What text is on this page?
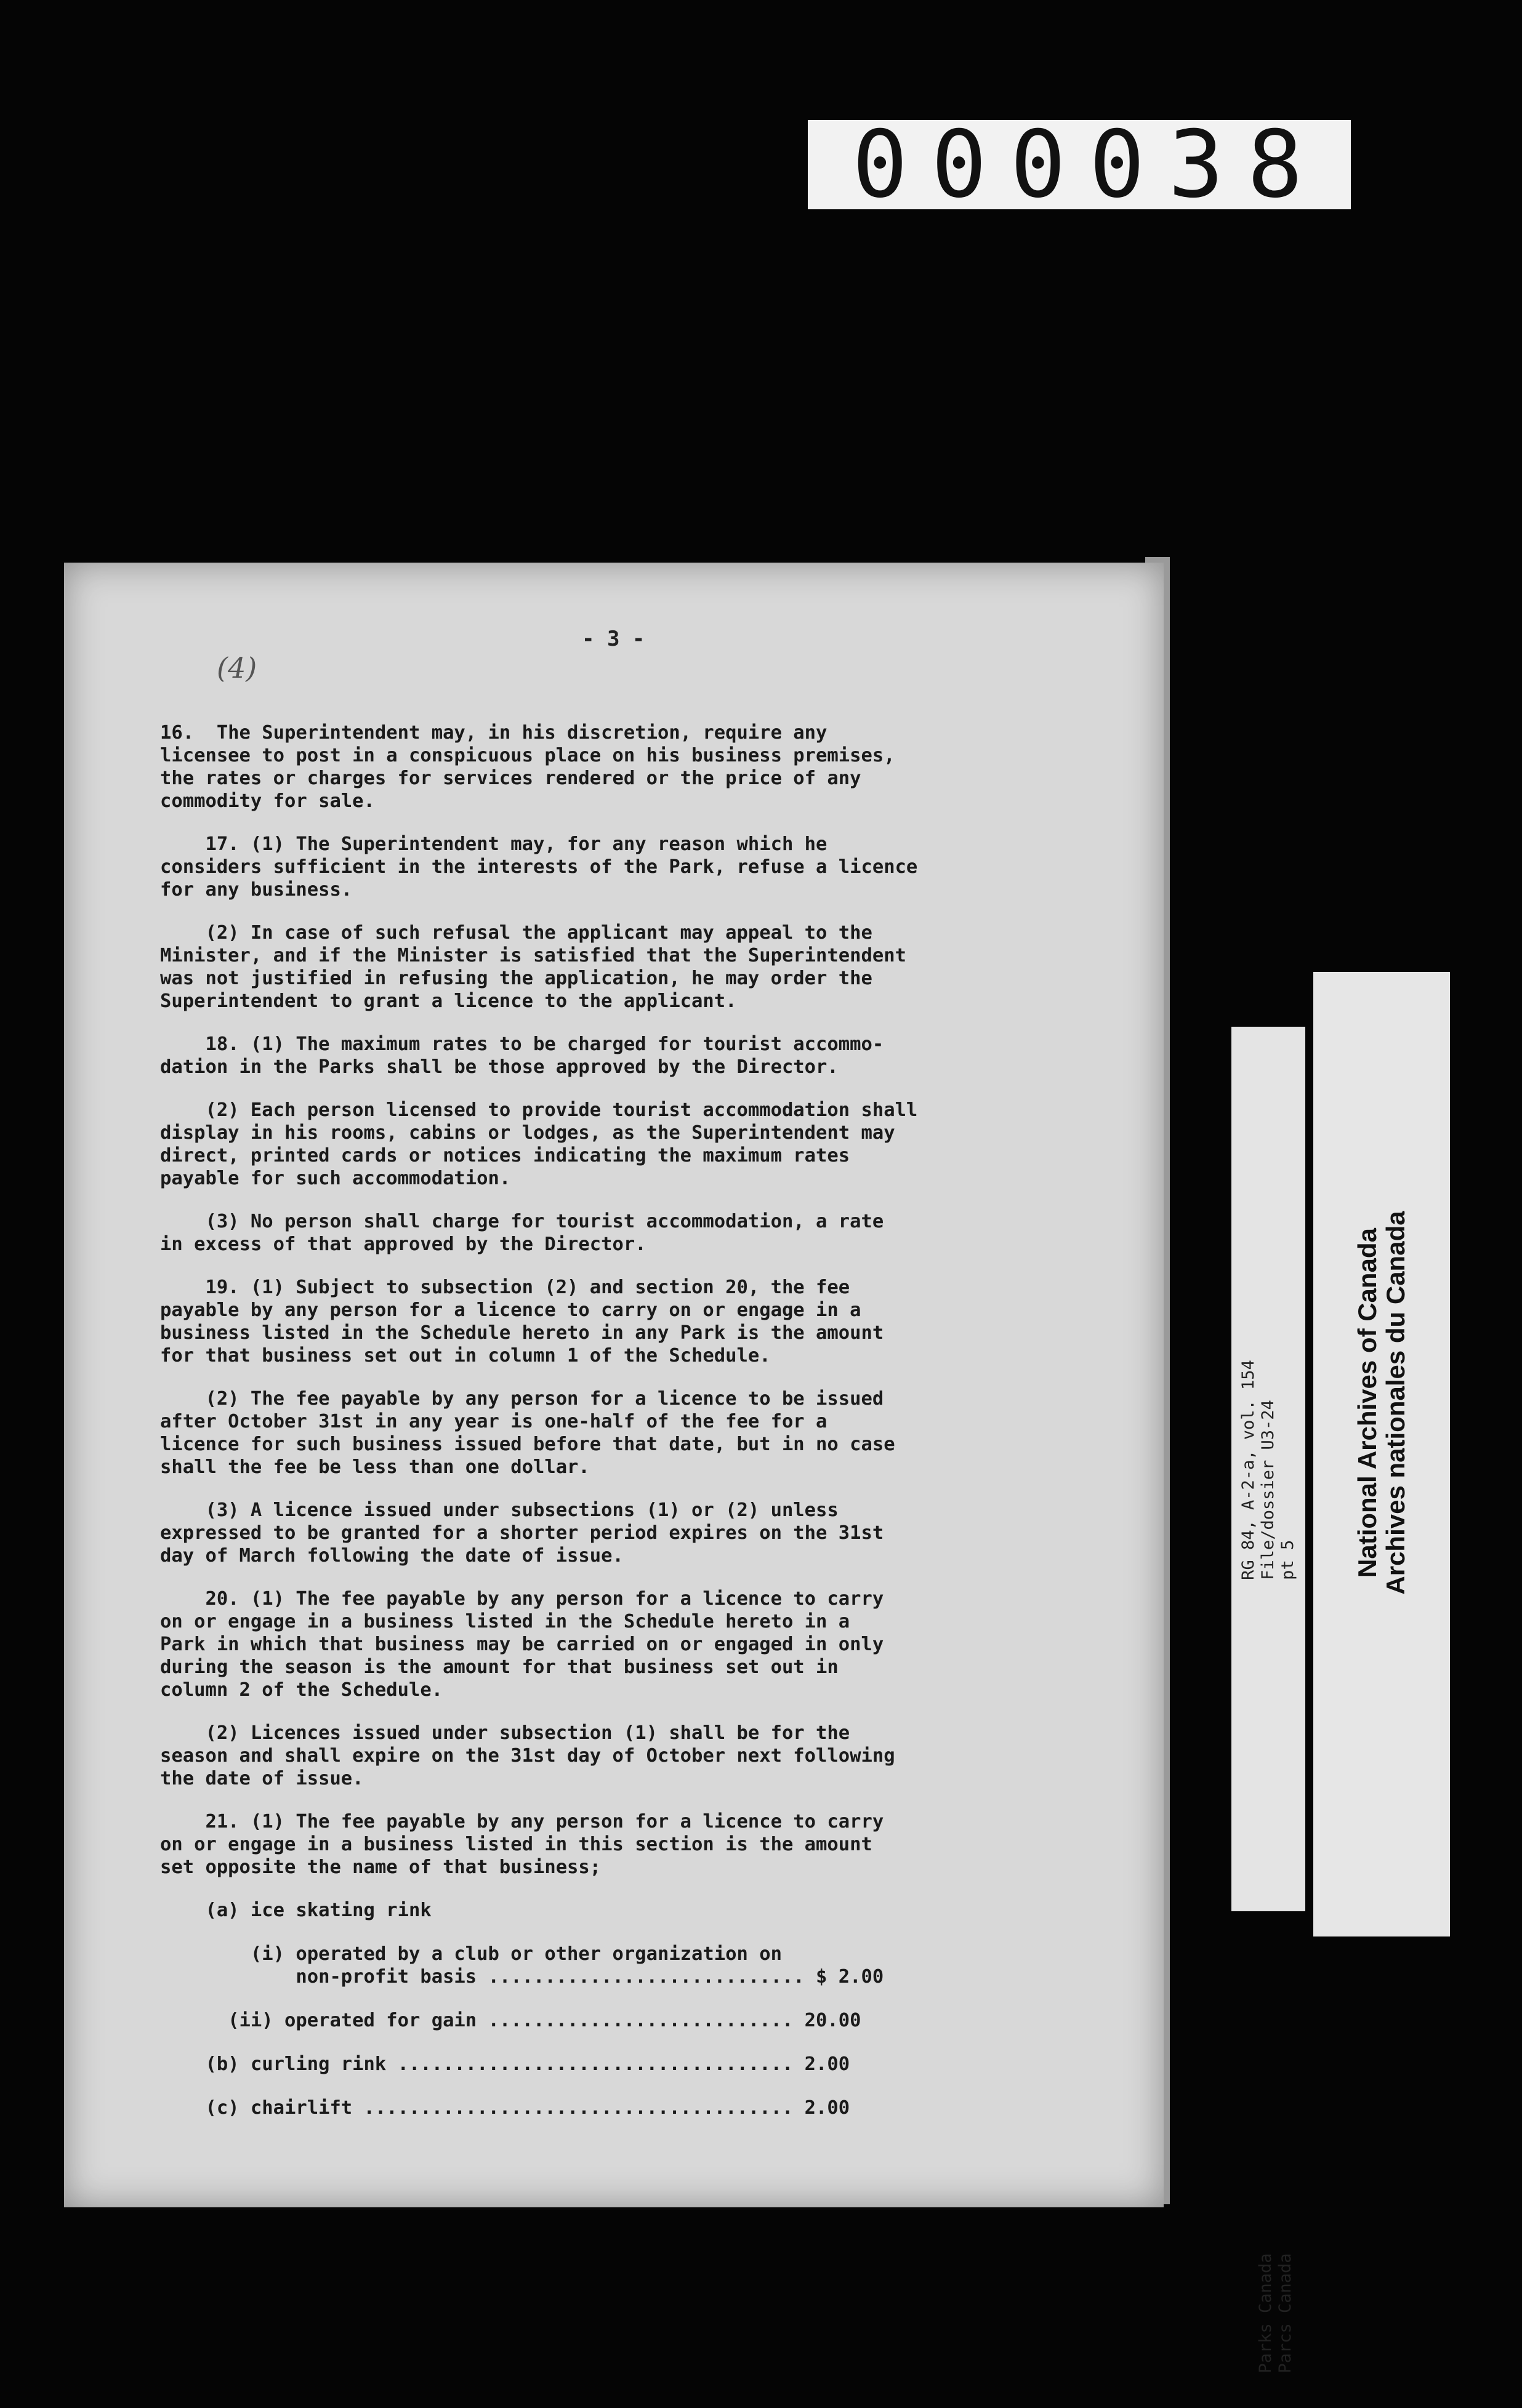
000038
(4)
- 3 -
16.  The Superintendent may, in his discretion, require any
licensee to post in a conspicuous place on his business premises,
the rates or charges for services rendered or the price of any
commodity for sale.
17. (1) The Superintendent may, for any reason which he
considers sufficient in the interests of the Park, refuse a licence
for any business.
(2) In case of such refusal the applicant may appeal to the
Minister, and if the Minister is satisfied that the Superintendent
was not justified in refusing the application, he may order the
Superintendent to grant a licence to the applicant.
18. (1) The maximum rates to be charged for tourist accommo-
dation in the Parks shall be those approved by the Director.
(2) Each person licensed to provide tourist accommodation shall
display in his rooms, cabins or lodges, as the Superintendent may
direct, printed cards or notices indicating the maximum rates
payable for such accommodation.
(3) No person shall charge for tourist accommodation, a rate
in excess of that approved by the Director.
19. (1) Subject to subsection (2) and section 20, the fee
payable by any person for a licence to carry on or engage in a
business listed in the Schedule hereto in any Park is the amount
for that business set out in column 1 of the Schedule.
(2) The fee payable by any person for a licence to be issued
after October 31st in any year is one-half of the fee for a
licence for such business issued before that date, but in no case
shall the fee be less than one dollar.
(3) A licence issued under subsections (1) or (2) unless
expressed to be granted for a shorter period expires on the 31st
day of March following the date of issue.
20. (1) The fee payable by any person for a licence to carry
on or engage in a business listed in the Schedule hereto in a
Park in which that business may be carried on or engaged in only
during the season is the amount for that business set out in
column 2 of the Schedule.
(2) Licences issued under subsection (1) shall be for the
season and shall expire on the 31st day of October next following
the date of issue.
21. (1) The fee payable by any person for a licence to carry
on or engage in a business listed in this section is the amount
set opposite the name of that business;
(a) ice skating rink
(i) operated by a club or other organization on
non-profit basis ............................ $ 2.00
(ii) operated for gain ........................... 20.00
(b) curling rink ................................... 2.00
(c) chairlift ...................................... 2.00
RG 84, A-2-a, vol. 154
File/dossier U3-24
pt 5
Parks Canada
Parcs Canada
National Archives of Canada
Archives nationales du Canada
